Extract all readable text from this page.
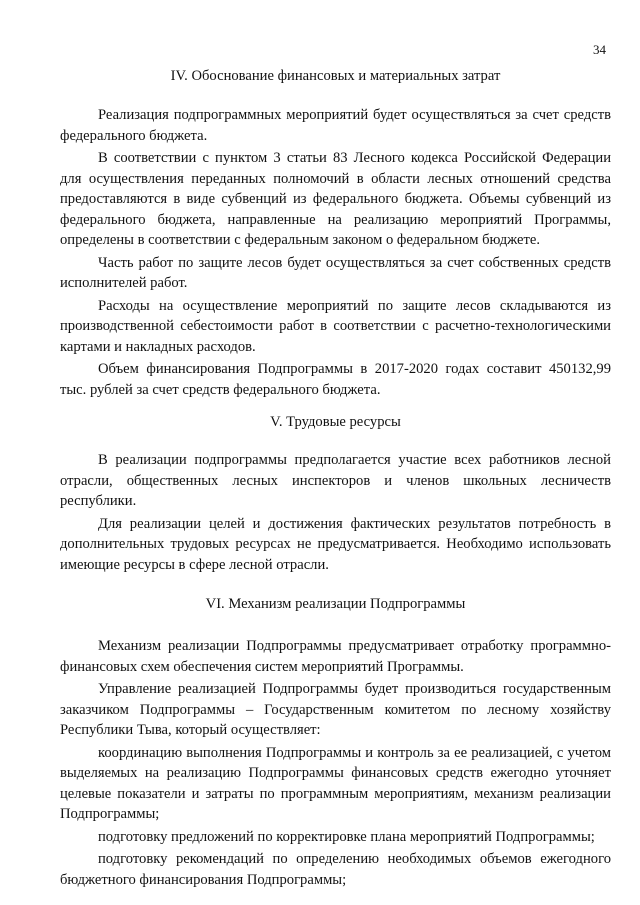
34
IV. Обоснование финансовых и материальных затрат

Реализация подпрограммных мероприятий будет осуществляться за счет средств федерального бюджета.

В соответствии с пунктом 3 статьи 83 Лесного кодекса Российской Федерации для осуществления переданных полномочий в области лесных отношений средства предоставляются в виде субвенций из федерального бюджета. Объемы субвенций из федерального бюджета, направленные на реализацию мероприятий Программы, определены в соответствии с федеральным законом о федеральном бюджете.

Часть работ по защите лесов будет осуществляться за счет собственных средств исполнителей работ.

Расходы на осуществление мероприятий по защите лесов складываются из производственной себестоимости работ в соответствии с расчетно-технологическими картами и накладных расходов.

Объем финансирования Подпрограммы в 2017-2020 годах составит 450132,99 тыс. рублей за счет средств федерального бюджета.

V. Трудовые ресурсы

В реализации подпрограммы предполагается участие всех работников лесной отрасли, общественных лесных инспекторов и членов школьных лесничеств республики.

Для реализации целей и достижения фактических результатов потребность в дополнительных трудовых ресурсах не предусматривается. Необходимо использовать имеющие ресурсы в сфере лесной отрасли.

VI. Механизм реализации Подпрограммы

Механизм реализации Подпрограммы предусматривает отработку программно-финансовых схем обеспечения систем мероприятий Программы.

Управление реализацией Подпрограммы будет производиться государственным заказчиком Подпрограммы – Государственным комитетом по лесному хозяйству Республики Тыва, который осуществляет:

координацию выполнения Подпрограммы и контроль за ее реализацией, с учетом выделяемых на реализацию Подпрограммы финансовых средств ежегодно уточняет целевые показатели и затраты по программным мероприятиям, механизм реализации Подпрограммы;

подготовку предложений по корректировке плана мероприятий Подпрограммы;

подготовку рекомендаций по определению необходимых объемов ежегодного бюджетного финансирования Подпрограммы;
